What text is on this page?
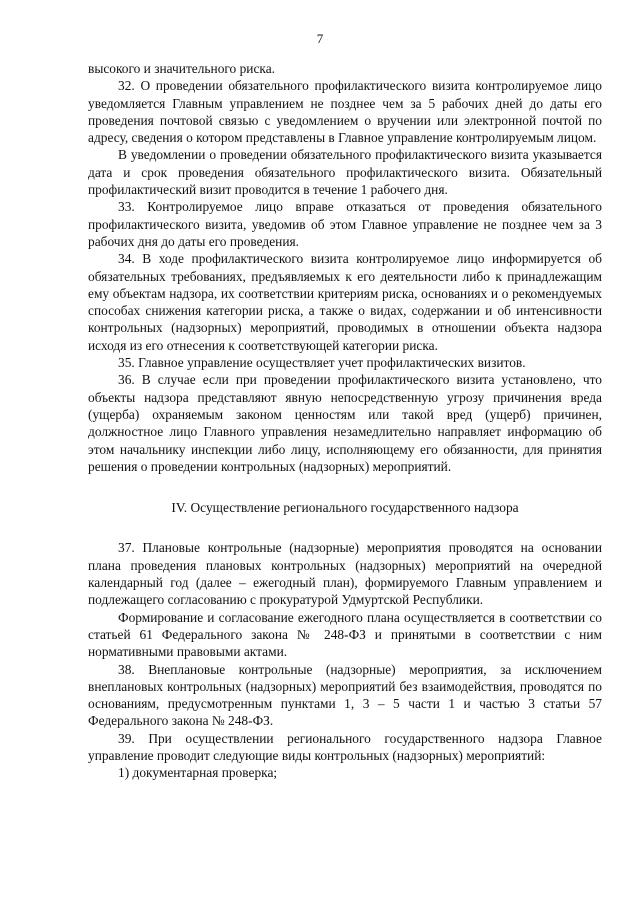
7

высокого и значительного риска.

32. О проведении обязательного профилактического визита контролируемое лицо уведомляется Главным управлением не позднее чем за 5 рабочих дней до даты его проведения почтовой связью с уведомлением о вручении или электронной почтой по адресу, сведения о котором представлены в Главное управление контролируемым лицом.

В уведомлении о проведении обязательного профилактического визита указывается дата и срок проведения обязательного профилактического визита. Обязательный профилактический визит проводится в течение 1 рабочего дня.

33. Контролируемое лицо вправе отказаться от проведения обязательного профилактического визита, уведомив об этом Главное управление не позднее чем за 3 рабочих дня до даты его проведения.

34. В ходе профилактического визита контролируемое лицо информируется об обязательных требованиях, предъявляемых к его деятельности либо к принадлежащим ему объектам надзора, их соответствии критериям риска, основаниях и о рекомендуемых способах снижения категории риска, а также о видах, содержании и об интенсивности контрольных (надзорных) мероприятий, проводимых в отношении объекта надзора исходя из его отнесения к соответствующей категории риска.

35. Главное управление осуществляет учет профилактических визитов.

36. В случае если при проведении профилактического визита установлено, что объекты надзора представляют явную непосредственную угрозу причинения вреда (ущерба) охраняемым законом ценностям или такой вред (ущерб) причинен, должностное лицо Главного управления незамедлительно направляет информацию об этом начальнику инспекции либо лицу, исполняющему его обязанности, для принятия решения о проведении контрольных (надзорных) мероприятий.

IV. Осуществление регионального государственного надзора

37. Плановые контрольные (надзорные) мероприятия проводятся на основании плана проведения плановых контрольных (надзорных) мероприятий на очередной календарный год (далее – ежегодный план), формируемого Главным управлением и подлежащего согласованию с прокуратурой Удмуртской Республики.

Формирование и согласование ежегодного плана осуществляется в соответствии со статьей 61 Федерального закона № 248-ФЗ и принятыми в соответствии с ним нормативными правовыми актами.

38. Внеплановые контрольные (надзорные) мероприятия, за исключением внеплановых контрольных (надзорных) мероприятий без взаимодействия, проводятся по основаниям, предусмотренным пунктами 1, 3 – 5 части 1 и частью 3 статьи 57 Федерального закона № 248-ФЗ.

39. При осуществлении регионального государственного надзора Главное управление проводит следующие виды контрольных (надзорных) мероприятий:

1) документарная проверка;
